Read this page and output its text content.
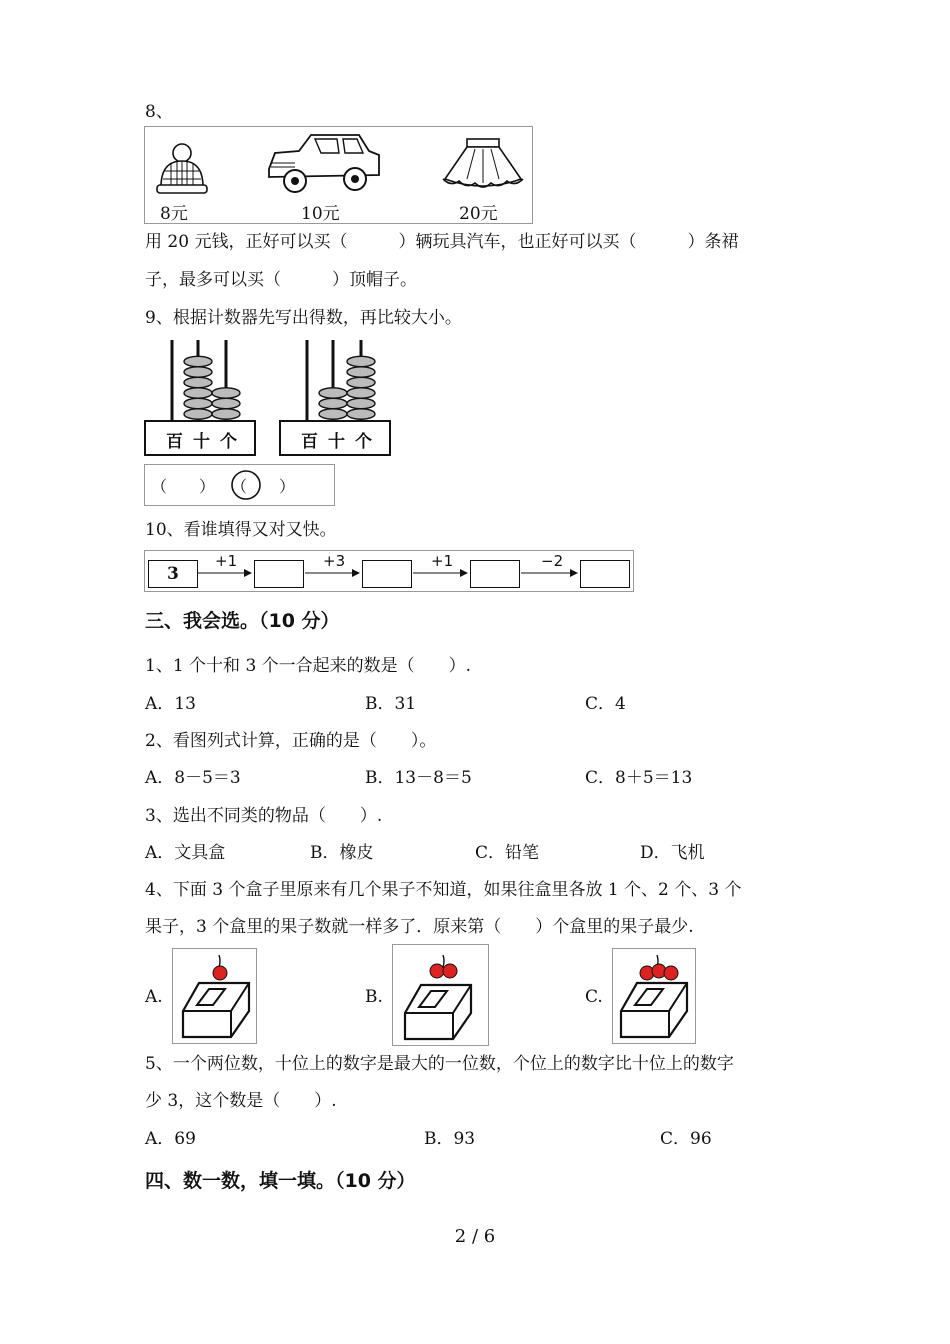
8、
8元	10元	20元
用 20 元钱，正好可以买（　　　）辆玩具汽车，也正好可以买（　　　）条裙
子，最多可以买（　　　）顶帽子。
9、根据计数器先写出得数，再比较大小。
百 十 个	百 十 个
（　　）　　（　　）
10、看谁填得又对又快。
3
+1	+3	+1	−2
三、我会选。（10 分）
1、1 个十和 3 个一合起来的数是（　　）.
A．13	B．31	C．4
2、看图列式计算，正确的是（　　）。
A．8－5＝3	B．13－8＝5	C．8＋5＝13
3、选出不同类的物品（　　）.
A．文具盒	B．橡皮	C．铅笔	D．飞机
4、下面 3 个盒子里原来有几个果子不知道，如果往盒里各放 1 个、2 个、3 个
果子，3 个盒里的果子数就一样多了．原来第（　　）个盒里的果子最少.
A.	B.	C.
5、一个两位数，十位上的数字是最大的一位数，个位上的数字比十位上的数字
少 3，这个数是（　　）.
A．69	B．93	C．96
四、数一数，填一填。（10 分）
2 / 6
